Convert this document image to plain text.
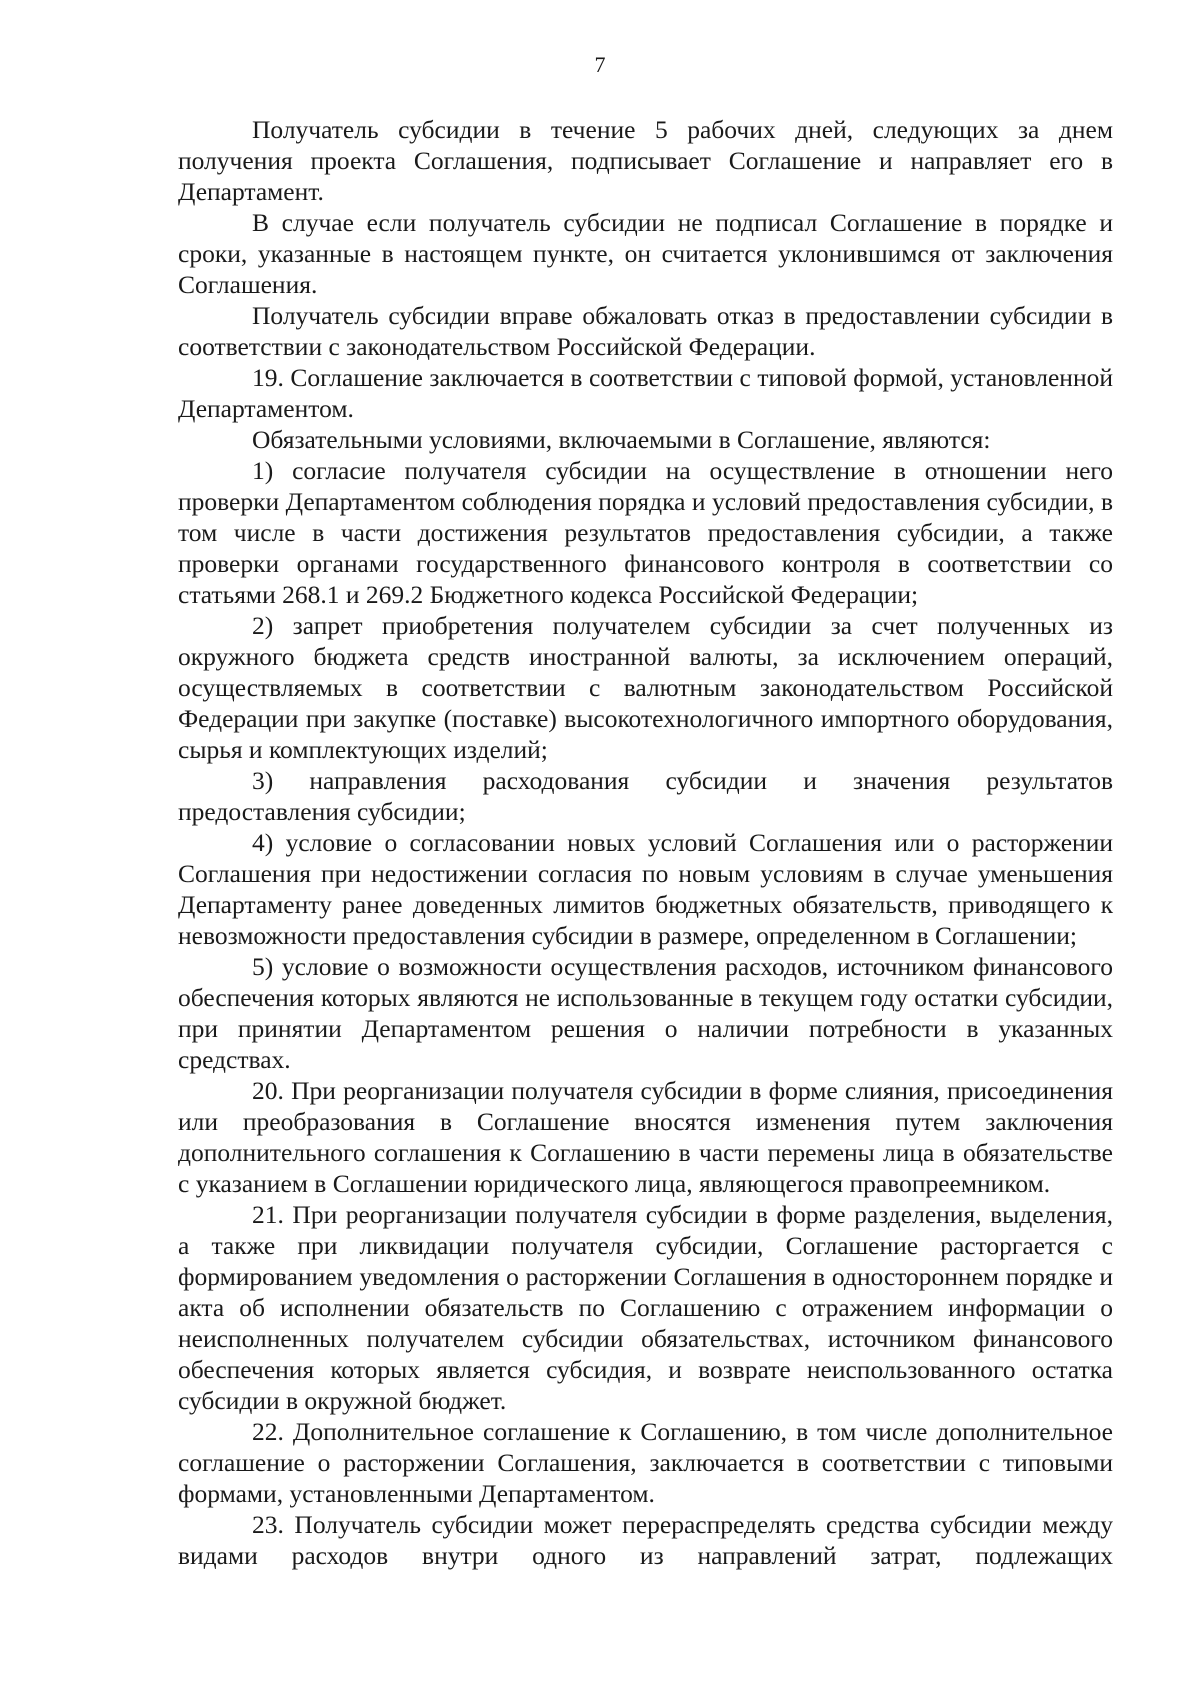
7

Получатель субсидии в течение 5 рабочих дней, следующих за днем получения проекта Соглашения, подписывает Соглашение и направляет его в Департамент.

В случае если получатель субсидии не подписал Соглашение в порядке и сроки, указанные в настоящем пункте, он считается уклонившимся от заключения Соглашения.

Получатель субсидии вправе обжаловать отказ в предоставлении субсидии в соответствии с законодательством Российской Федерации.

19. Соглашение заключается в соответствии с типовой формой, установленной Департаментом.

Обязательными условиями, включаемыми в Соглашение, являются:

1) согласие получателя субсидии на осуществление в отношении него проверки Департаментом соблюдения порядка и условий предоставления субсидии, в том числе в части достижения результатов предоставления субсидии, а также проверки органами государственного финансового контроля в соответствии со статьями 268.1 и 269.2 Бюджетного кодекса Российской Федерации;

2) запрет приобретения получателем субсидии за счет полученных из окружного бюджета средств иностранной валюты, за исключением операций, осуществляемых в соответствии с валютным законодательством Российской Федерации при закупке (поставке) высокотехнологичного импортного оборудования, сырья и комплектующих изделий;

3) направления расходования субсидии и значения результатов предоставления субсидии;

4) условие о согласовании новых условий Соглашения или о расторжении Соглашения при недостижении согласия по новым условиям в случае уменьшения Департаменту ранее доведенных лимитов бюджетных обязательств, приводящего к невозможности предоставления субсидии в размере, определенном в Соглашении;

5) условие о возможности осуществления расходов, источником финансового обеспечения которых являются не использованные в текущем году остатки субсидии, при принятии Департаментом решения о наличии потребности в указанных средствах.

20. При реорганизации получателя субсидии в форме слияния, присоединения или преобразования в Соглашение вносятся изменения путем заключения дополнительного соглашения к Соглашению в части перемены лица в обязательстве с указанием в Соглашении юридического лица, являющегося правопреемником.

21. При реорганизации получателя субсидии в форме разделения, выделения, а также при ликвидации получателя субсидии, Соглашение расторгается с формированием уведомления о расторжении Соглашения в одностороннем порядке и акта об исполнении обязательств по Соглашению с отражением информации о неисполненных получателем субсидии обязательствах, источником финансового обеспечения которых является субсидия, и возврате неиспользованного остатка субсидии в окружной бюджет.

22. Дополнительное соглашение к Соглашению, в том числе дополнительное соглашение о расторжении Соглашения, заключается в соответствии с типовыми формами, установленными Департаментом.

23. Получатель субсидии может перераспределять средства субсидии между видами расходов внутри одного из направлений затрат, подлежащих
